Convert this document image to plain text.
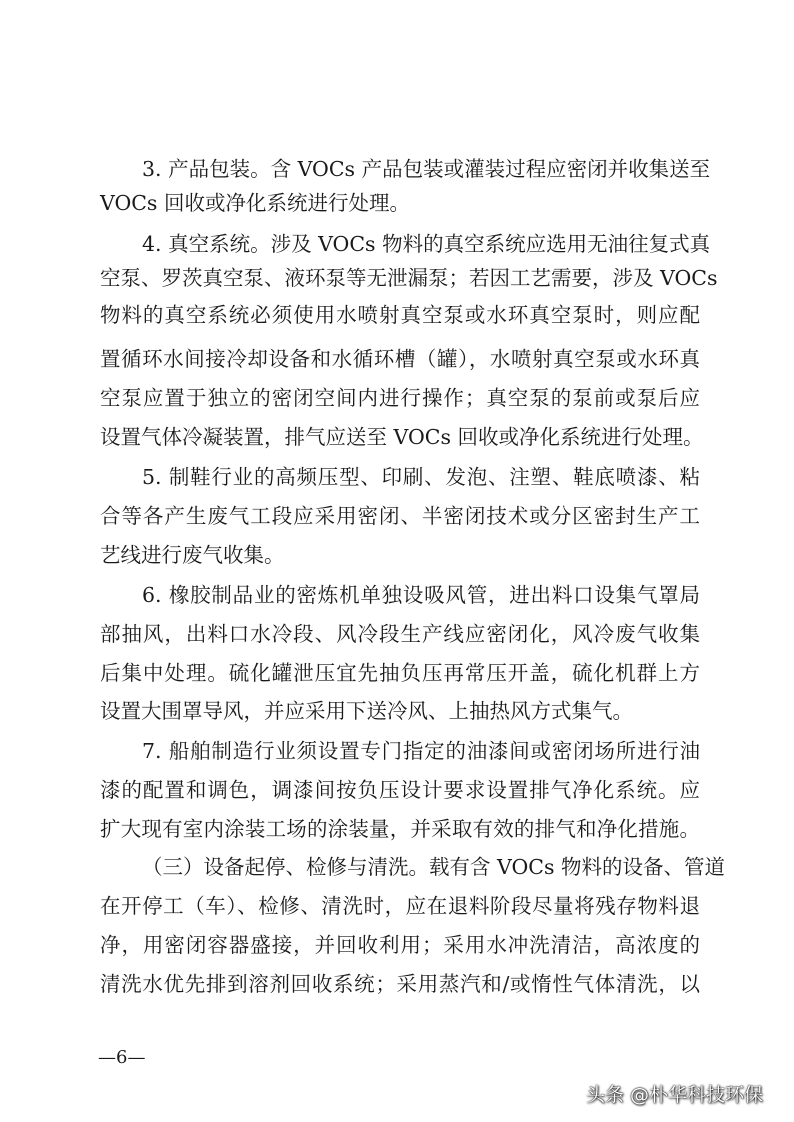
3. 产品包装。含 VOCs 产品包装或灌装过程应密闭并收集送至
VOCs 回收或净化系统进行处理。
4. 真空系统。涉及 VOCs 物料的真空系统应选用无油往复式真
空泵、罗茨真空泵、液环泵等无泄漏泵；若因工艺需要，涉及 VOCs
物料的真空系统必须使用水喷射真空泵或水环真空泵时，则应配
置循环水间接冷却设备和水循环槽（罐），水喷射真空泵或水环真
空泵应置于独立的密闭空间内进行操作；真空泵的泵前或泵后应
设置气体冷凝装置，排气应送至 VOCs 回收或净化系统进行处理。
5. 制鞋行业的高频压型、印刷、发泡、注塑、鞋底喷漆、粘
合等各产生废气工段应采用密闭、半密闭技术或分区密封生产工
艺线进行废气收集。
6. 橡胶制品业的密炼机单独设吸风管，进出料口设集气罩局
部抽风，出料口水冷段、风冷段生产线应密闭化，风冷废气收集
后集中处理。硫化罐泄压宜先抽负压再常压开盖，硫化机群上方
设置大围罩导风，并应采用下送冷风、上抽热风方式集气。
7. 船舶制造行业须设置专门指定的油漆间或密闭场所进行油
漆的配置和调色，调漆间按负压设计要求设置排气净化系统。应
扩大现有室内涂装工场的涂装量，并采取有效的排气和净化措施。
（三）设备起停、检修与清洗。载有含 VOCs 物料的设备、管道
在开停工（车）、检修、清洗时，应在退料阶段尽量将残存物料退
净，用密闭容器盛接，并回收利用；采用水冲洗清洁，高浓度的
清洗水优先排到溶剂回收系统；采用蒸汽和/或惰性气体清洗，以
—6—
头条 @朴华科技环保
